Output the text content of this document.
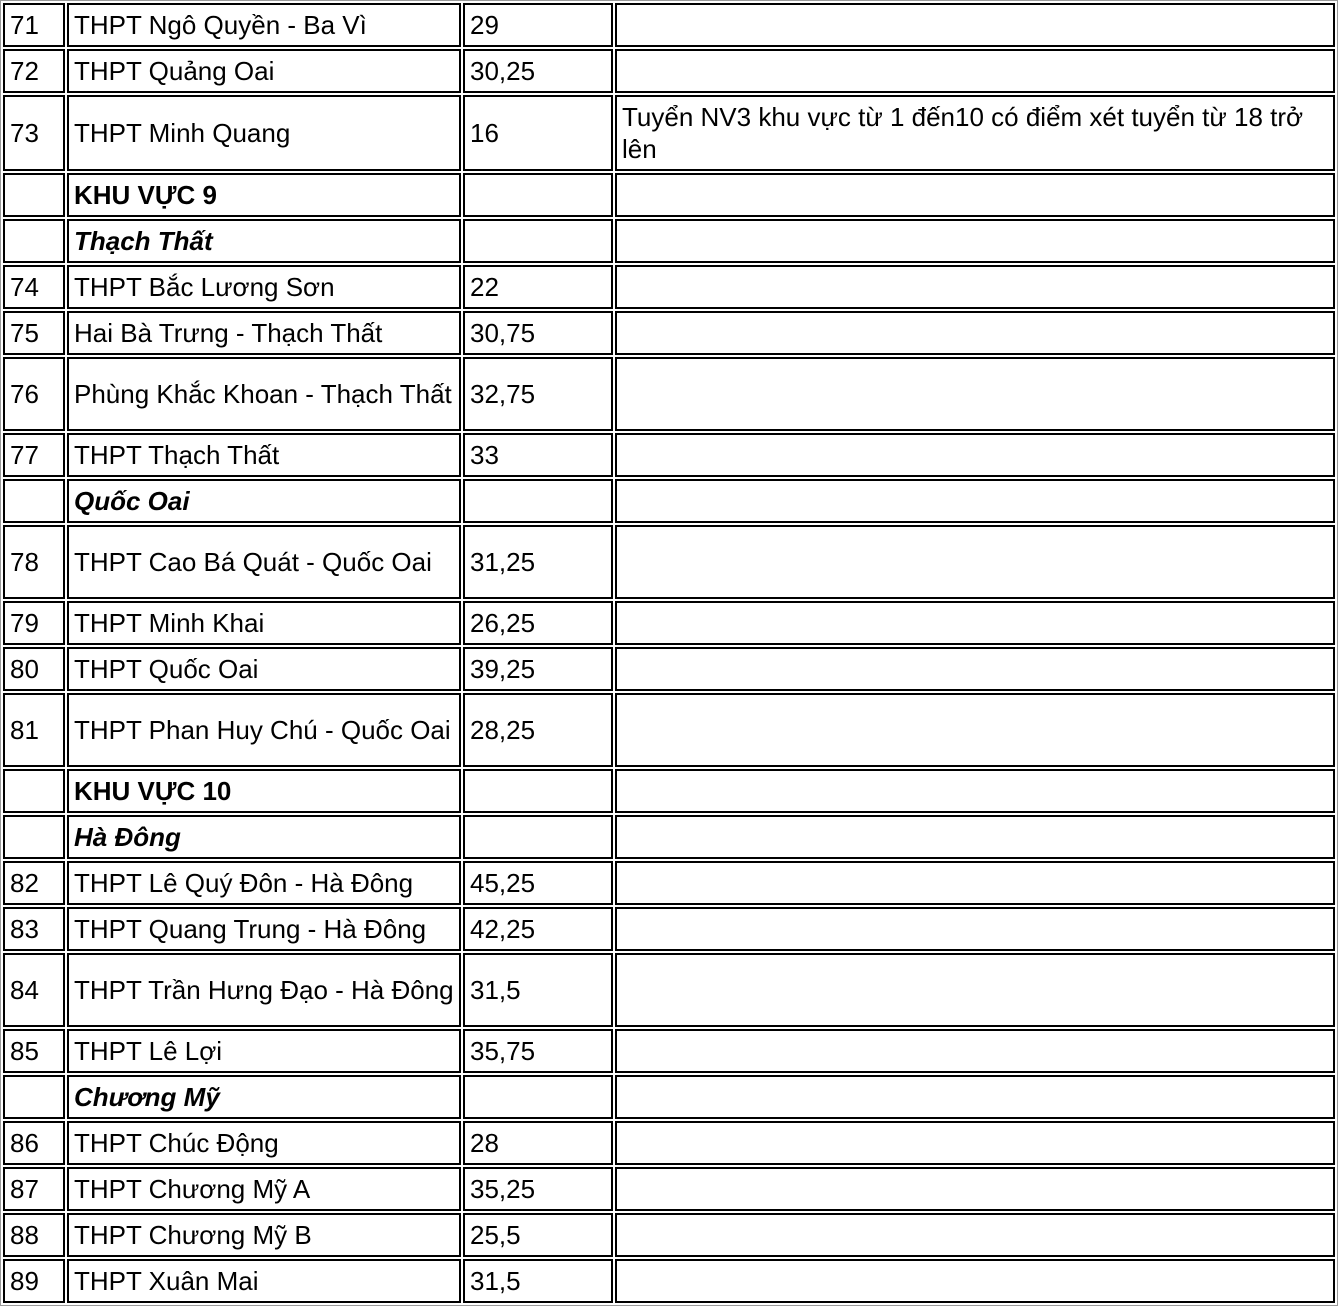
71	THPT Ngô Quyền - Ba Vì	29	
72	THPT Quảng Oai	30,25	
73	THPT Minh Quang	16	Tuyển NV3 khu vực từ 1 đến10 có điểm xét tuyển từ 18 trở lên
	KHU VỰC 9		
	Thạch Thất		
74	THPT Bắc Lương Sơn	22	
75	Hai Bà Trưng - Thạch Thất	30,75	
76	Phùng Khắc Khoan - Thạch Thất	32,75	
77	THPT Thạch Thất	33	
	Quốc Oai		
78	THPT Cao Bá Quát - Quốc Oai	31,25	
79	THPT Minh Khai	26,25	
80	THPT Quốc Oai	39,25	
81	THPT Phan Huy Chú - Quốc Oai	28,25	
	KHU VỰC 10		
	Hà Đông		
82	THPT Lê Quý Đôn - Hà Đông	45,25	
83	THPT Quang Trung - Hà Đông	42,25	
84	THPT Trần Hưng Đạo - Hà Đông	31,5	
85	THPT Lê Lợi	35,75	
	Chương Mỹ		
86	THPT Chúc Động	28	
87	THPT Chương Mỹ A	35,25	
88	THPT Chương Mỹ B	25,5	
89	THPT Xuân Mai	31,5	
